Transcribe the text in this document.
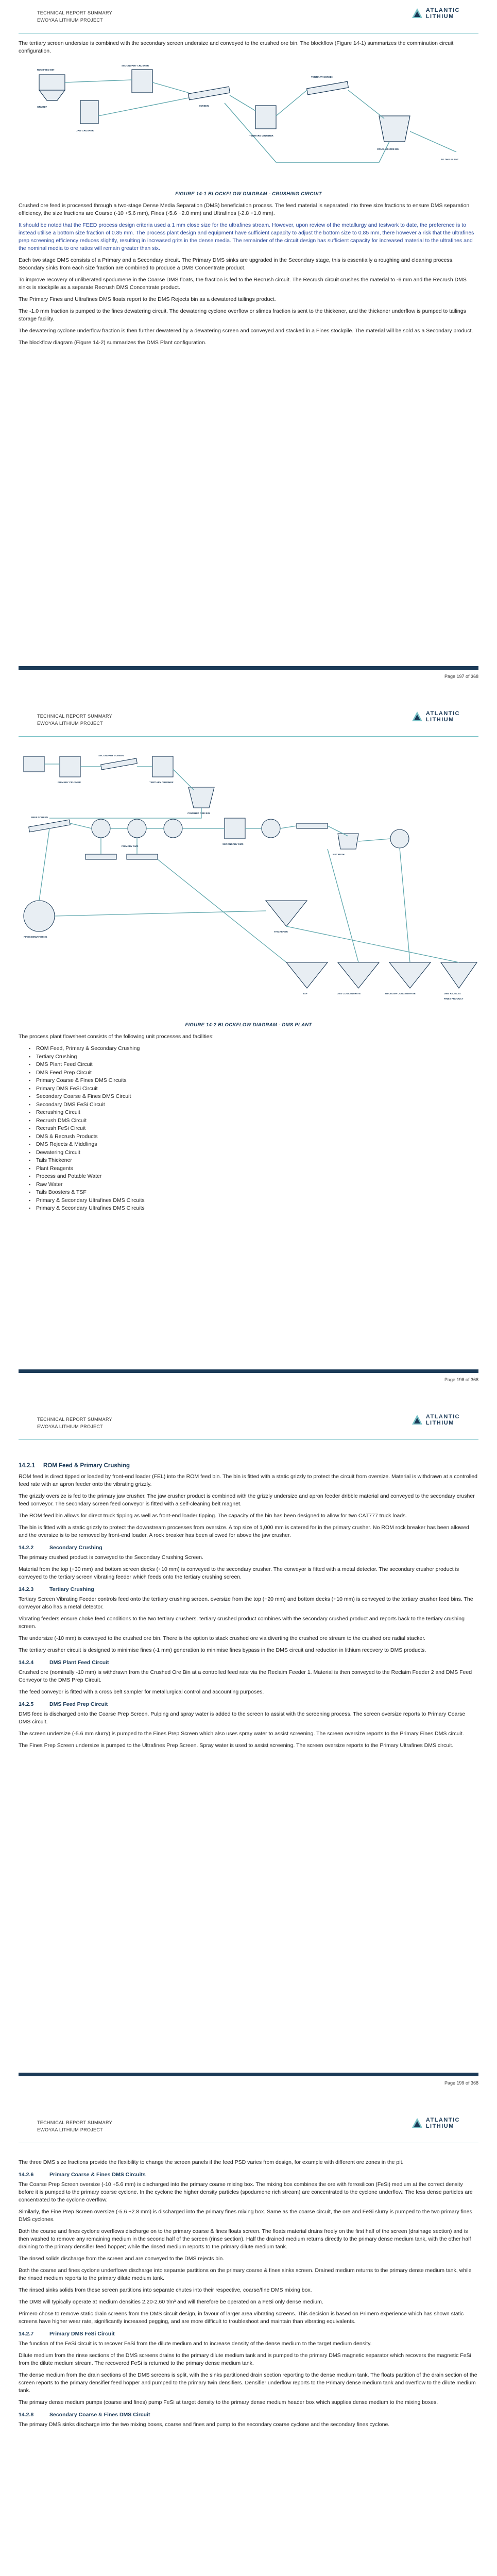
TECHNICAL REPORT SUMMARY
EWOYAA LITHIUM PROJECT
ATLANTIC
LITHIUM

The tertiary screen undersize is combined with the secondary screen undersize and conveyed to the crushed ore bin. The blockflow (Figure 14-1) summarizes the comminution circuit configuration.

ROM FEED BIN
GRIZZLY
JAW CRUSHER
SECONDARY CRUSHER
SCREEN
TERTIARY CRUSHER
TERTIARY SCREEN
CRUSHED ORE BIN
TO DMS PLANT
FIGURE 14-1 BLOCKFLOW DIAGRAM - CRUSHING CIRCUIT

Crushed ore feed is processed through a two-stage Dense Media Separation (DMS) beneficiation process. The feed material is separated into three size fractions to ensure DMS separation efficiency, the size fractions are Coarse (-10 +5.6 mm), Fines (-5.6 +2.8 mm) and Ultrafines (-2.8 +1.0 mm).

It should be noted that the FEED process design criteria used a 1 mm close size for the ultrafines stream. However, upon review of the metallurgy and testwork to date, the preference is to instead utilise a bottom size fraction of 0.85 mm. The process plant design and equipment have sufficient capacity to adjust the bottom size to 0.85 mm, there however a risk that the ultrafines prep screening efficiency reduces slightly, resulting in increased grits in the dense media. The remainder of the circuit design has sufficient capacity for increased material to the ultrafines and the nominal media to ore ratios will remain greater than six.

Each two stage DMS consists of a Primary and a Secondary circuit. The Primary DMS sinks are upgraded in the Secondary stage, this is essentially a roughing and cleaning process. Secondary sinks from each size fraction are combined to produce a DMS Concentrate product.

To improve recovery of unliberated spodumene in the Coarse DMS floats, the fraction is fed to the Recrush circuit. The Recrush circuit crushes the material to -6 mm and the Recrush DMS sinks is stockpile as a separate Recrush DMS Concentrate product.

The Primary Fines and Ultrafines DMS floats report to the DMS Rejects bin as a dewatered tailings product.

The -1.0 mm fraction is pumped to the fines dewatering circuit. The dewatering cyclone overflow or slimes fraction is sent to the thickener, and the thickener underflow is pumped to tailings storage facility.

The dewatering cyclone underflow fraction is then further dewatered by a dewatering screen and conveyed and stacked in a Fines stockpile. The material will be sold as a Secondary product.

The blockflow diagram (Figure 14-2) summarizes the DMS Plant configuration.

Page 197 of 368
TECHNICAL REPORT SUMMARY
EWOYAA LITHIUM PROJECT
ATLANTIC
LITHIUM
PRIMARY CRUSHER
SECONDARY SCREEN
TERTIARY CRUSHER
CRUSHED ORE BIN
PREP SCREEN
PRIMARY DMS
SECONDARY DMS
RECRUSH
FINES DEWATERING
THICKENER
TSF	DMS CONCENTRATE	RECRUSH CONCENTRATE	DMS REJECTS
FINES PRODUCT
FIGURE 14-2 BLOCKFLOW DIAGRAM - DMS PLANT

The process plant flowsheet consists of the following unit processes and facilities:

▪ ROM Feed, Primary & Secondary Crushing
▪ Tertiary Crushing
▪ DMS Plant Feed Circuit
▪ DMS Feed Prep Circuit
▪ Primary Coarse & Fines DMS Circuits
▪ Primary DMS FeSi Circuit
▪ Secondary Coarse & Fines DMS Circuit
▪ Secondary DMS FeSi Circuit
▪ Recrushing Circuit
▪ Recrush DMS Circuit
▪ Recrush FeSi Circuit
▪ DMS & Recrush Products
▪ DMS Rejects & Middlings
▪ Dewatering Circuit
▪ Tails Thickener
▪ Plant Reagents
▪ Process and Potable Water
▪ Raw Water
▪ Tails Boosters & TSF
▪ Primary & Secondary Ultrafines DMS Circuits
▪ Primary & Secondary Ultrafines DMS Circuits
Page 198 of 368
TECHNICAL REPORT SUMMARY
EWOYAA LITHIUM PROJECT
ATLANTIC
LITHIUM
14.2.1	ROM Feed & Primary Crushing

ROM feed is direct tipped or loaded by front-end loader (FEL) into the ROM feed bin. The bin is fitted with a static grizzly to protect the circuit from oversize. Material is withdrawn at a controlled feed rate with an apron feeder onto the vibrating grizzly.

The grizzly oversize is fed to the primary jaw crusher. The jaw crusher product is combined with the grizzly undersize and apron feeder dribble material and conveyed to the secondary crusher feed conveyor. The secondary screen feed conveyor is fitted with a self-cleaning belt magnet.

The ROM feed bin allows for direct truck tipping as well as front-end loader tipping. The capacity of the bin has been designed to allow for two CAT777 truck loads.

The bin is fitted with a static grizzly to protect the downstream processes from oversize. A top size of 1,000 mm is catered for in the primary crusher. No ROM rock breaker has been allowed and the oversize is to be removed by front-end loader. A rock breaker has been allowed for above the jaw crusher.

14.2.2	Secondary Crushing

The primary crushed product is conveyed to the Secondary Crushing Screen.

Material from the top (+30 mm) and bottom screen decks (+10 mm) is conveyed to the secondary crusher. The conveyor is fitted with a metal detector. The secondary crusher product is conveyed to the tertiary screen vibrating feeder which feeds onto the tertiary crushing screen.

14.2.3	Tertiary Crushing

Tertiary Screen Vibrating Feeder controls feed onto the tertiary crushing screen. oversize from the top (+20 mm) and bottom decks (+10 mm) is conveyed to the tertiary crusher feed bins. The conveyor also has a metal detector.

Vibrating feeders ensure choke feed conditions to the two tertiary crushers. tertiary crushed product combines with the secondary crushed product and reports back to the tertiary crushing screen.

The undersize (-10 mm) is conveyed to the crushed ore bin. There is the option to stack crushed ore via diverting the crushed ore stream to the crushed ore radial stacker.

The tertiary crusher circuit is designed to minimise fines (-1 mm) generation to minimise fines bypass in the DMS circuit and reduction in lithium recovery to DMS products.

14.2.4	DMS Plant Feed Circuit

Crushed ore (nominally -10 mm) is withdrawn from the Crushed Ore Bin at a controlled feed rate via the Reclaim Feeder 1. Material is then conveyed to the Reclaim Feeder 2 and DMS Feed Conveyor to the DMS Prep Circuit.

The feed conveyor is fitted with a cross belt sampler for metallurgical control and accounting purposes.

14.2.5	DMS Feed Prep Circuit

DMS feed is discharged onto the Coarse Prep Screen. Pulping and spray water is added to the screen to assist with the screening process. The screen oversize reports to Primary Coarse DMS circuit.

The screen undersize (-5.6 mm slurry) is pumped to the Fines Prep Screen which also uses spray water to assist screening. The screen oversize reports to the Primary Fines DMS circuit.

The Fines Prep Screen undersize is pumped to the Ultrafines Prep Screen. Spray water is used to assist screening. The screen oversize reports to the Primary Ultrafines DMS circuit.

Page 199 of 368
TECHNICAL REPORT SUMMARY
EWOYAA LITHIUM PROJECT
ATLANTIC
LITHIUM

The three DMS size fractions provide the flexibility to change the screen panels if the feed PSD varies from design, for example with different ore zones in the pit.

14.2.6	Primary Coarse & Fines DMS Circuits

The Coarse Prep Screen oversize (-10 +5.6 mm) is discharged into the primary coarse mixing box. The mixing box combines the ore with ferrosilicon (FeSi) medium at the correct density before it is pumped to the primary coarse cyclone. In the cyclone the higher density particles (spodumene rich stream) are concentrated to the cyclone underflow. The less dense particles are concentrated to the cyclone overflow.

Similarly, the Fine Prep Screen oversize (-5.6 +2.8 mm) is discharged into the primary fines mixing box. Same as the coarse circuit, the ore and FeSi slurry is pumped to the two primary fines DMS cyclones.

Both the coarse and fines cyclone overflows discharge on to the primary coarse & fines floats screen. The floats material drains freely on the first half of the screen (drainage section) and is then washed to remove any remaining medium in the second half of the screen (rinse section). Half the drained medium returns directly to the primary dense medium tank, with the other half draining to the primary densifier feed hopper; while the rinsed medium reports to the primary dilute medium tank.

The rinsed solids discharge from the screen and are conveyed to the DMS rejects bin.

Both the coarse and fines cyclone underflows discharge into separate partitions on the primary coarse & fines sinks screen. Drained medium returns to the primary dense medium tank, while the rinsed medium reports to the primary dilute medium tank.

The rinsed sinks solids from these screen partitions into separate chutes into their respective, coarse/fine DMS mixing box.

The DMS will typically operate at medium densities 2.20-2.60 t/m³ and will therefore be operated on a FeSi only dense medium.

Primero chose to remove static drain screens from the DMS circuit design, in favour of larger area vibrating screens. This decision is based on Primero experience which has shown static screens have higher wear rate, significantly increased pegging, and are more difficult to troubleshoot and maintain than vibrating equivalents.

14.2.7	Primary DMS FeSi Circuit

The function of the FeSi circuit is to recover FeSi from the dilute medium and to increase density of the dense medium to the target medium density.

Dilute medium from the rinse sections of the DMS screens drains to the primary dilute medium tank and is pumped to the primary DMS magnetic separator which recovers the magnetic FeSi from the dilute medium stream. The recovered FeSi is returned to the primary dense medium tank.

The dense medium from the drain sections of the DMS screens is split, with the sinks partitioned drain section reporting to the dense medium tank. The floats partition of the drain section of the screen reports to the primary densifier feed hopper and pumped to the primary twin densifiers. Densifier underflow reports to the Primary dense medium tank and overflow to the dilute medium tank.

The primary dense medium pumps (coarse and fines) pump FeSi at target density to the primary dense medium header box which supplies dense medium to the mixing boxes.

14.2.8	Secondary Coarse & Fines DMS Circuit

The primary DMS sinks discharge into the two mixing boxes, coarse and fines and pump to the secondary coarse cyclone and the secondary fines cyclone.
